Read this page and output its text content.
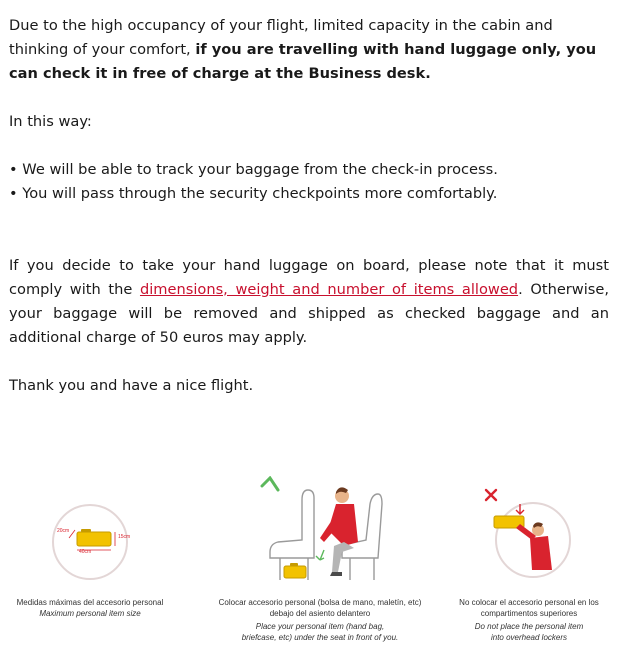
Due to the high occupancy of your flight, limited capacity in the cabin and thinking of your comfort, if you are travelling with hand luggage only, you can check it in free of charge at the Business desk.
In this way:
• We will be able to track your baggage from the check-in process.
• You will pass through the security checkpoints more comfortably.
If you decide to take your hand luggage on board, please note that it must comply with the dimensions, weight and number of items allowed. Otherwise, your baggage will be removed and shipped as checked baggage and an additional charge of 50 euros may apply.
Thank you and have a nice flight.
40cm
15cm
20cm
Medidas máximas del accesorio personal
Maximum personal item size
Colocar accesorio personal (bolsa de mano, maletín, etc)
debajo del asiento delantero
Place your personal item (hand bag,
briefcase, etc) under the seat in front of you.
No colocar el accesorio personal en los
compartimentos superiores
Do not place the personal item
into overhead lockers
